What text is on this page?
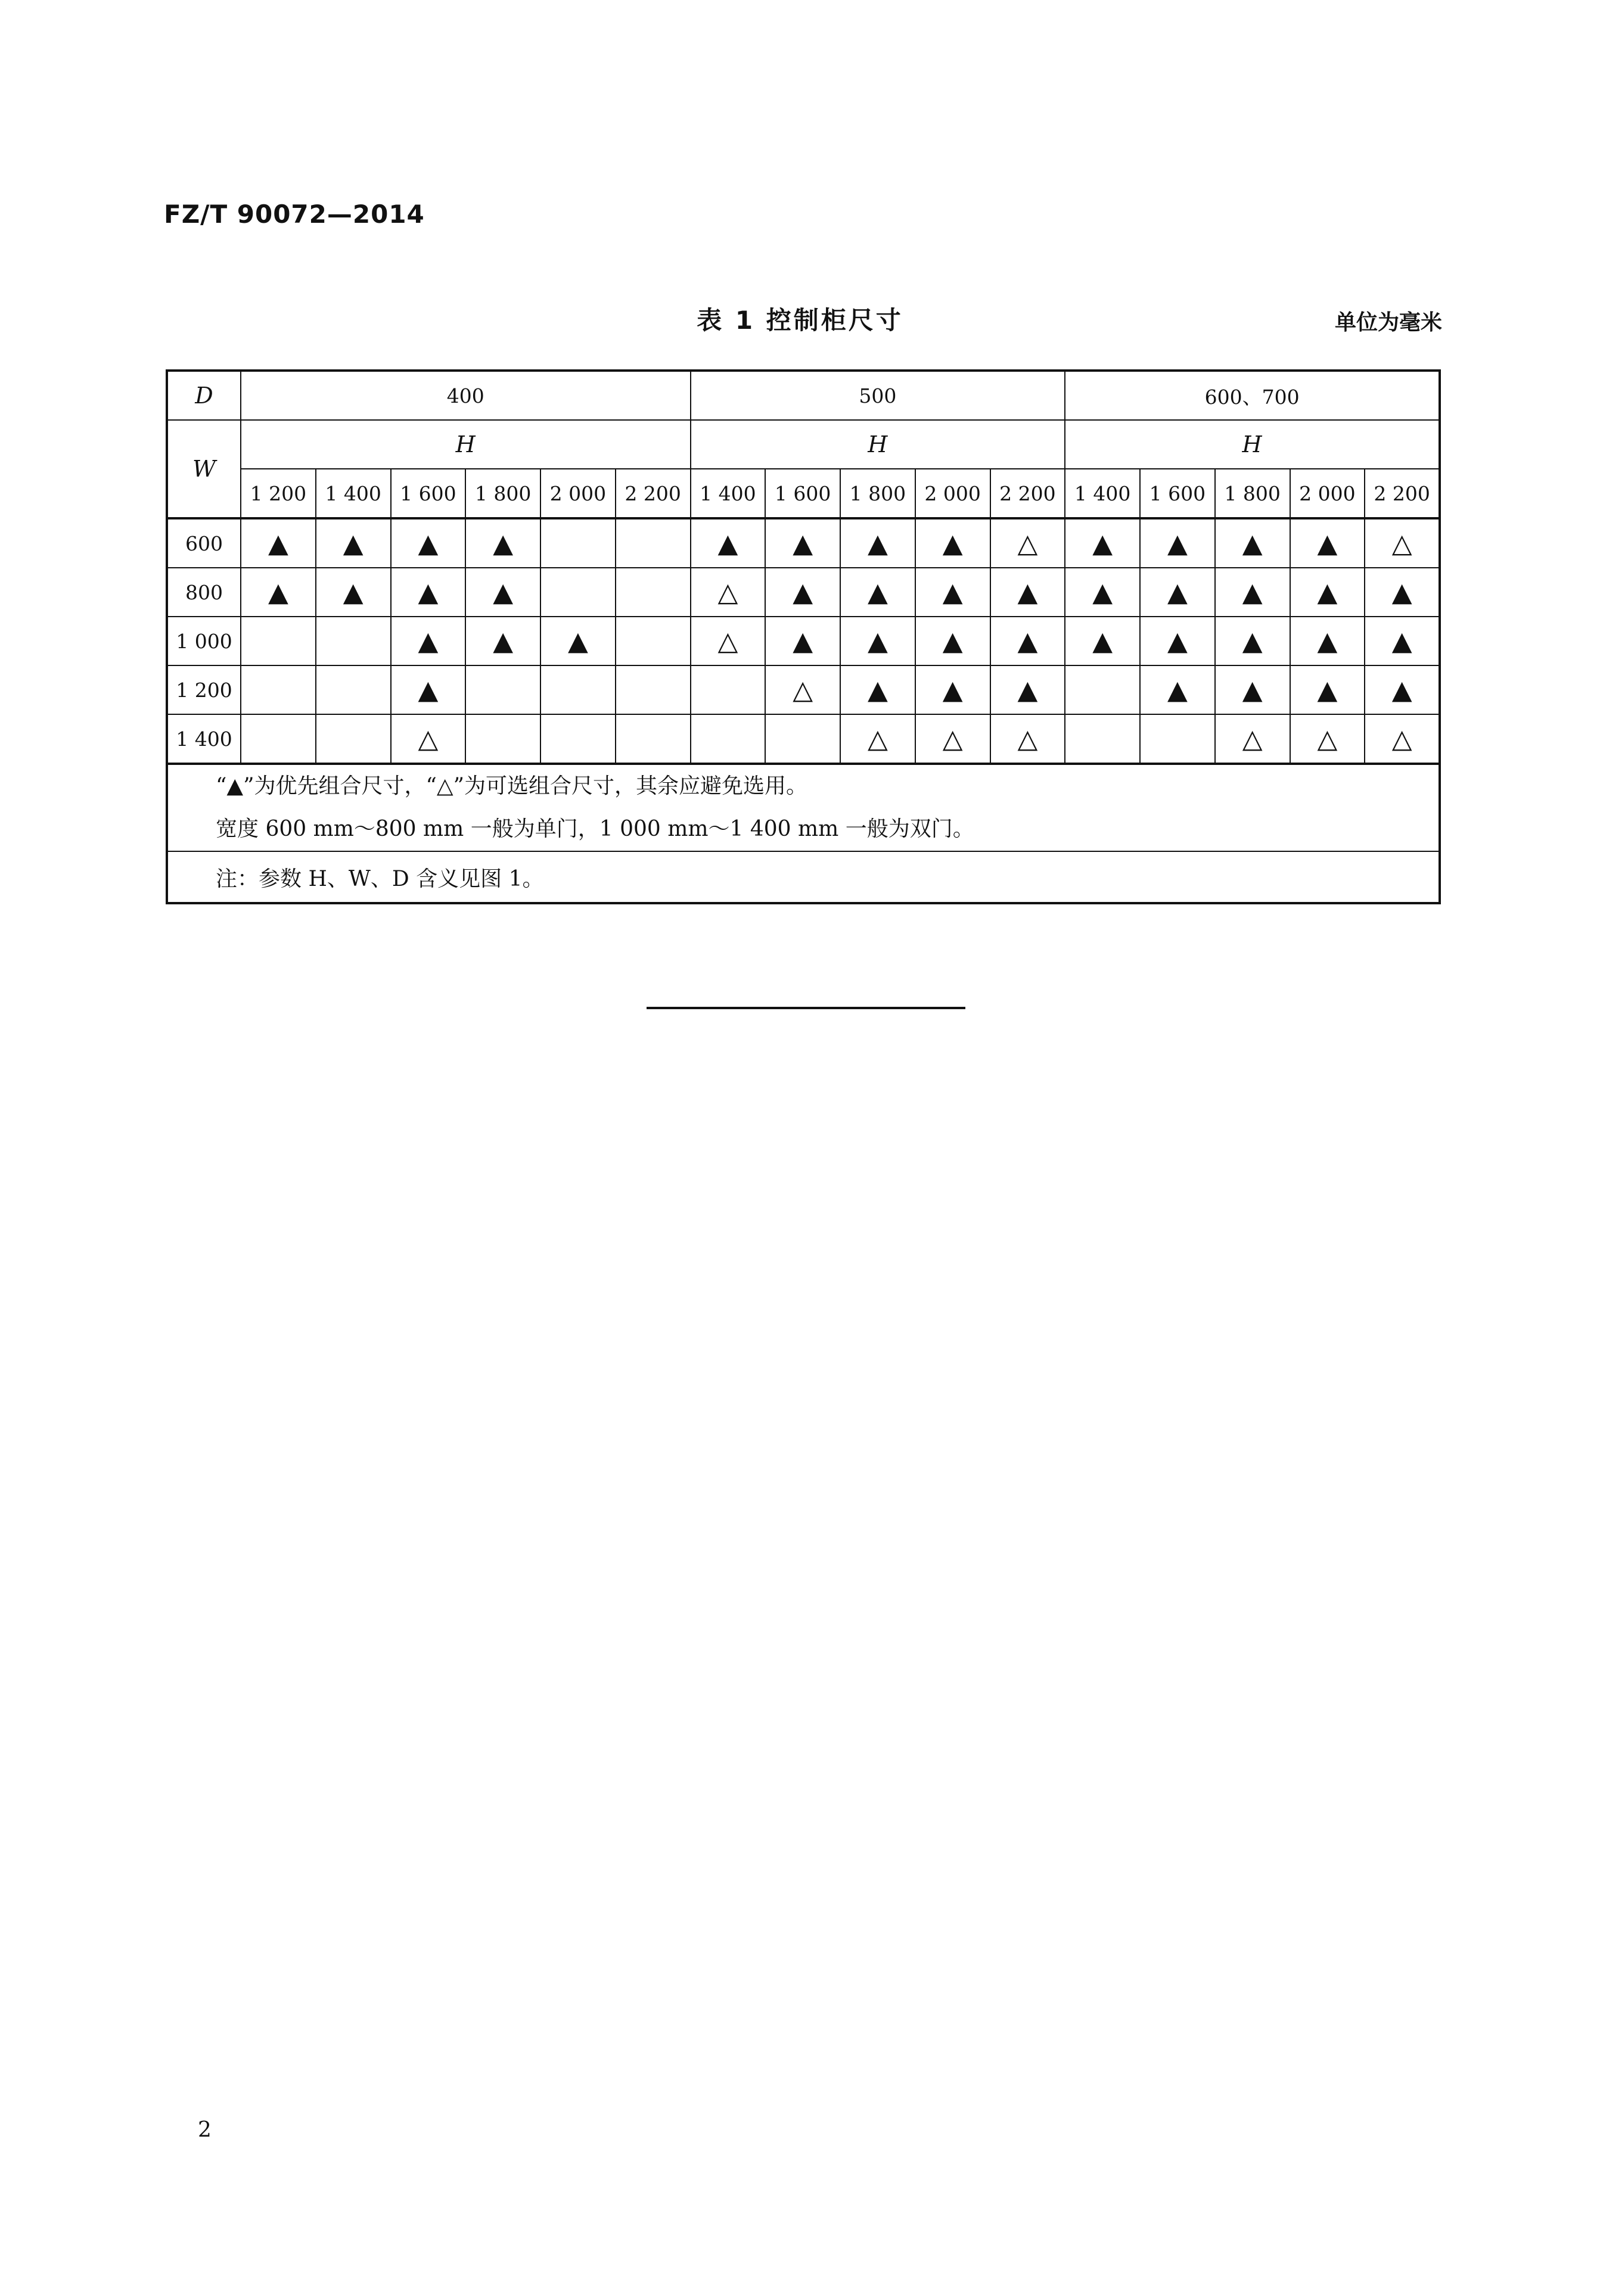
FZ/T 90072—2014
表 1 控制柜尺寸	单位为毫米
D	400						500					600、700				
W	H						H					H				
	1 200	1 400	1 600	1 800	2 000	2 200	1 400	1 600	1 800	2 000	2 200	1 400	1 600	1 800	2 000	2 200
600	▲	▲	▲	▲			▲	▲	▲	▲	△	▲	▲	▲	▲	△
800	▲	▲	▲	▲			△	▲	▲	▲	▲	▲	▲	▲	▲	▲
1 000			▲	▲	▲		△	▲	▲	▲	▲	▲	▲	▲	▲	▲
1 200			▲					△	▲	▲	▲		▲	▲	▲	▲
1 400			△						△	△	△			△	△	△

“▲”为优先组合尺寸，“△”为可选组合尺寸，其余应避免选用。
宽度 600 mm～800 mm 一般为单门，1 000 mm～1 400 mm 一般为双门。																

注：参数 H、W、D 含义见图 1。																
2
